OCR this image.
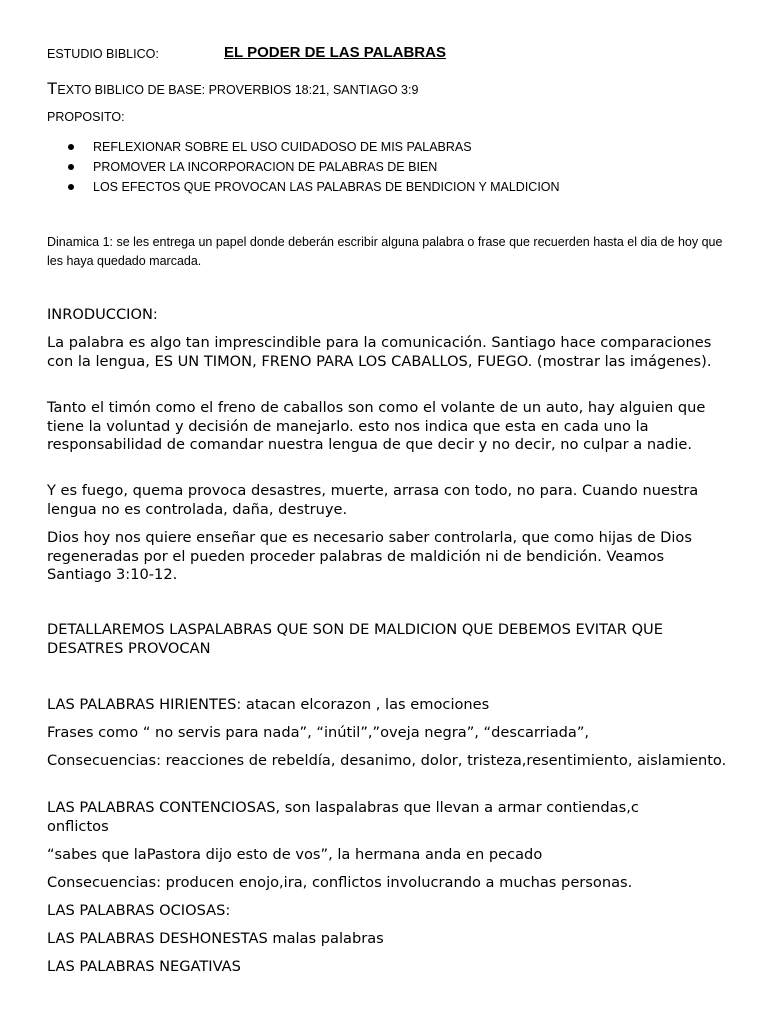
ESTUDIO BIBLICO:	EL PODER DE LAS PALABRAS
TEXTO BIBLICO DE BASE: PROVERBIOS 18:21, SANTIAGO 3:9
PROPOSITO:
REFLEXIONAR SOBRE EL USO CUIDADOSO DE MIS PALABRAS
PROMOVER LA INCORPORACION DE PALABRAS DE BIEN
LOS EFECTOS QUE PROVOCAN LAS PALABRAS DE BENDICION Y MALDICION
Dinamica 1: se les entrega un papel donde deberán escribir alguna palabra o frase que recuerden hasta el dia de hoy que les haya quedado marcada.
INRODUCCION:
La palabra es algo tan imprescindible para la comunicación. Santiago hace comparaciones con la lengua, ES UN TIMON, FRENO PARA LOS CABALLOS, FUEGO. (mostrar las imágenes).
Tanto el timón como el freno de caballos son como el volante de un auto, hay alguien que tiene la voluntad y decisión de manejarlo. esto nos indica que esta en cada uno la responsabilidad de comandar nuestra lengua de que decir y no decir, no culpar a nadie.
Y es fuego, quema provoca desastres, muerte, arrasa con todo, no para. Cuando nuestra lengua no es controlada, daña, destruye.
Dios hoy nos quiere enseñar que es necesario saber controlarla, que como hijas de Dios regeneradas por el pueden proceder palabras de maldición ni de bendición. Veamos Santiago 3:10-12.
DETALLAREMOS LASPALABRAS QUE SON DE MALDICION QUE DEBEMOS EVITAR QUE DESATRES PROVOCAN
LAS PALABRAS HIRIENTES: atacan elcorazon , las emociones
Frases como “ no servis para nada”, “inútil”,”oveja negra”, “descarriada”,
Consecuencias: reacciones de rebeldía, desanimo, dolor, tristeza,resentimiento, aislamiento.
LAS PALABRAS CONTENCIOSAS, son laspalabras que llevan a armar contiendas,c
onflictos
“sabes que laPastora dijo esto de vos”, la hermana anda en pecado
Consecuencias: producen enojo,ira, conflictos involucrando a muchas personas.
LAS PALABRAS OCIOSAS:
LAS PALABRAS DESHONESTAS malas palabras
LAS PALABRAS NEGATIVAS
